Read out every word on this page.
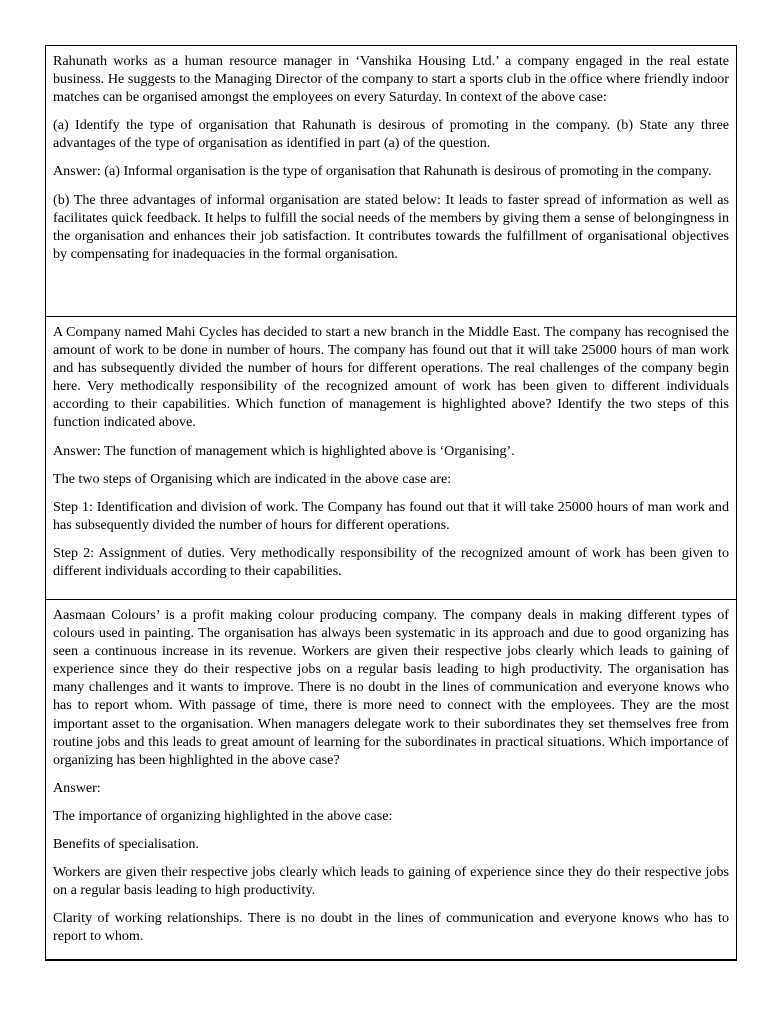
Rahunath works as a human resource manager in ‘Vanshika Housing Ltd.’ a company engaged in the real estate business. He suggests to the Managing Director of the company to start a sports club in the office where friendly indoor matches can be organised amongst the employees on every Saturday. In context of the above case:

(a) Identify the type of organisation that Rahunath is desirous of promoting in the company. (b) State any three advantages of the type of organisation as identified in part (a) of the question.

Answer: (a) Informal organisation is the type of organisation that Rahunath is desirous of promoting in the company.

(b) The three advantages of informal organisation are stated below: It leads to faster spread of information as well as facilitates quick feedback. It helps to fulfill the social needs of the members by giving them a sense of belongingness in the organisation and enhances their job satisfaction. It contributes towards the fulfillment of organisational objectives by compensating for inadequacies in the formal organisation.

A Company named Mahi Cycles has decided to start a new branch in the Middle East. The company has recognised the amount of work to be done in number of hours. The company has found out that it will take 25000 hours of man work and has subsequently divided the number of hours for different operations. The real challenges of the company begin here. Very methodically responsibility of the recognized amount of work has been given to different individuals according to their capabilities. Which function of management is highlighted above? Identify the two steps of this function indicated above.

Answer: The function of management which is highlighted above is ‘Organising’.

The two steps of Organising which are indicated in the above case are:

Step 1: Identification and division of work. The Company has found out that it will take 25000 hours of man work and has subsequently divided the number of hours for different operations.

Step 2: Assignment of duties. Very methodically responsibility of the recognized amount of work has been given to different individuals according to their capabilities.

Aasmaan Colours’ is a profit making colour producing company. The company deals in making different types of colours used in painting. The organisation has always been systematic in its approach and due to good organizing has seen a continuous increase in its revenue. Workers are given their respective jobs clearly which leads to gaining of experience since they do their respective jobs on a regular basis leading to high productivity. The organisation has many challenges and it wants to improve. There is no doubt in the lines of communication and everyone knows who has to report whom. With passage of time, there is more need to connect with the employees. They are the most important asset to the organisation. When managers delegate work to their subordinates they set themselves free from routine jobs and this leads to great amount of learning for the subordinates in practical situations. Which importance of organizing has been highlighted in the above case?

Answer:

The importance of organizing highlighted in the above case:

Benefits of specialisation.

Workers are given their respective jobs clearly which leads to gaining of experience since they do their respective jobs on a regular basis leading to high productivity.

Clarity of working relationships. There is no doubt in the lines of communication and everyone knows who has to report to whom.
